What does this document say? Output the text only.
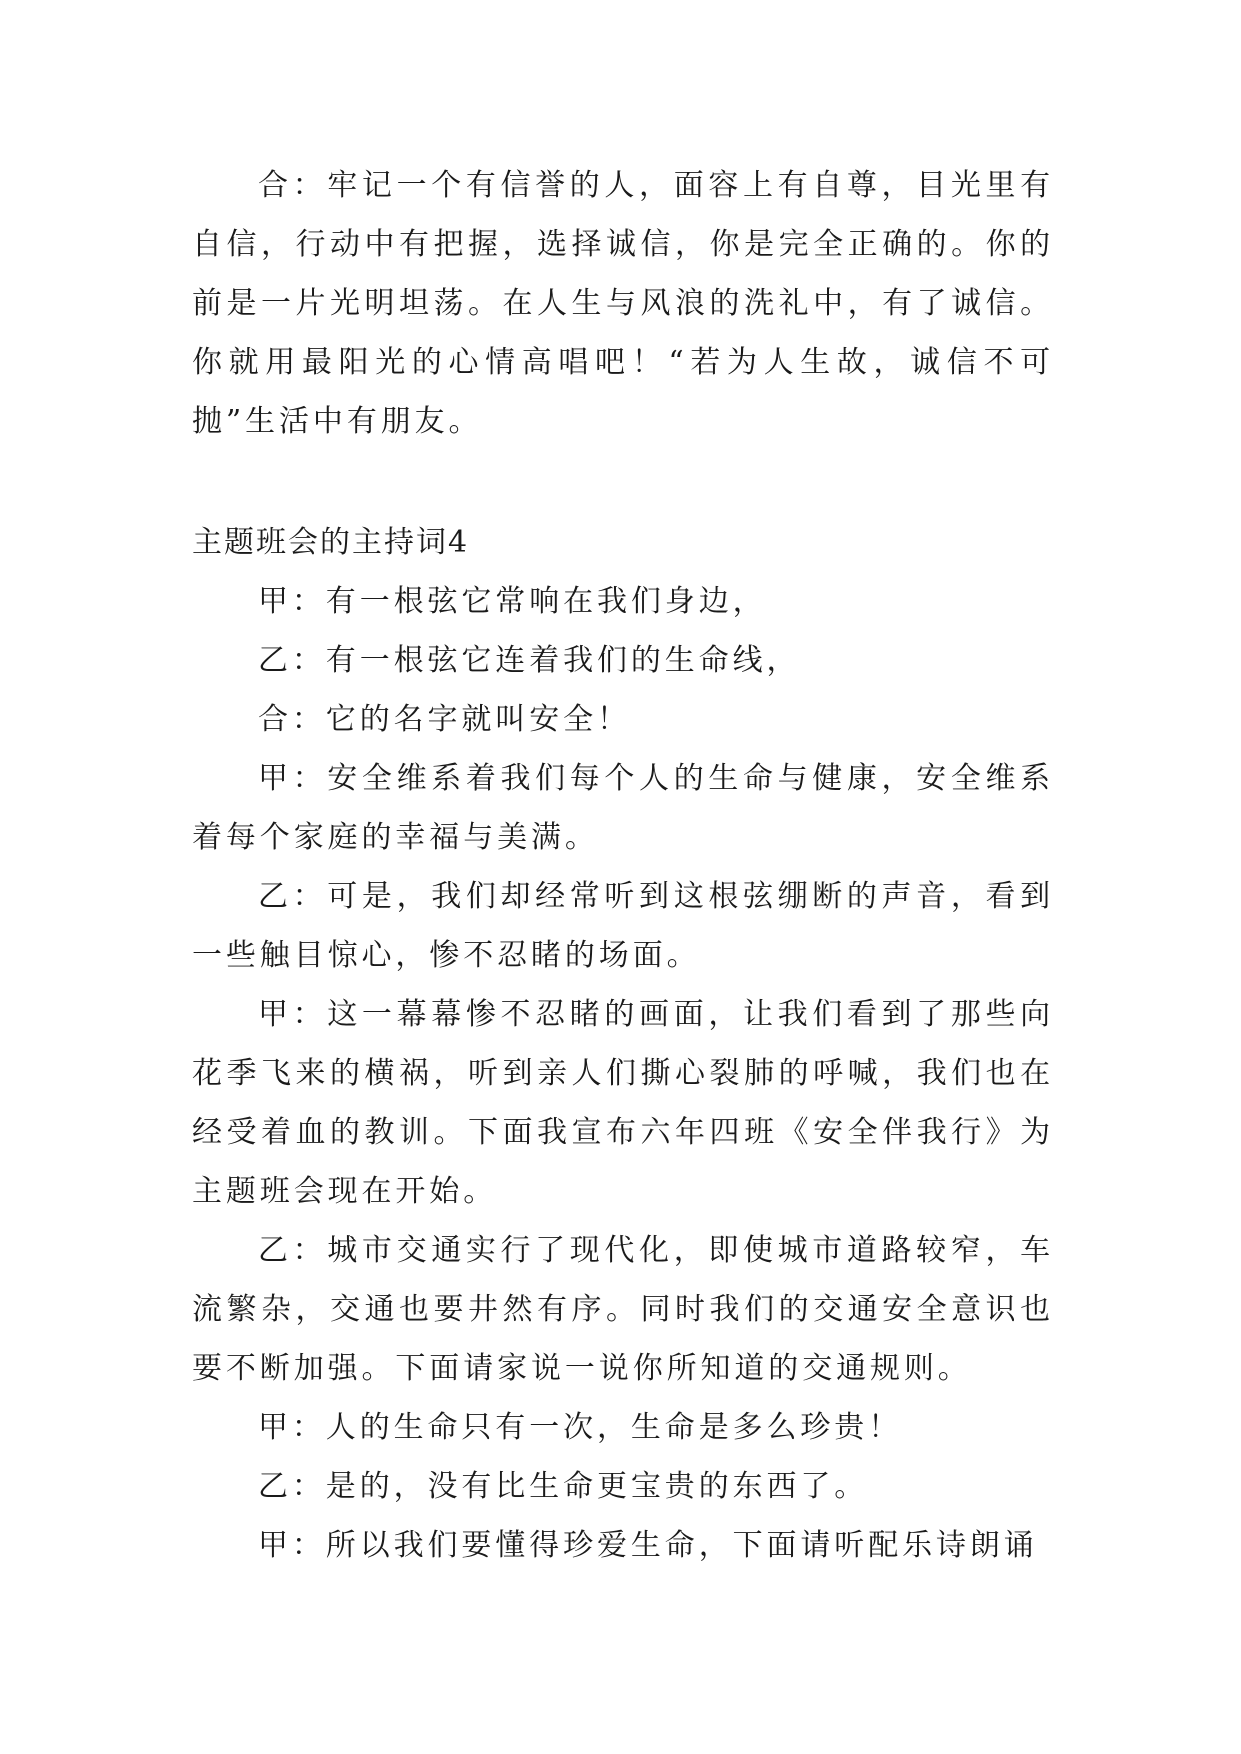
合：牢记一个有信誉的人，面容上有自尊，目光里有自信，行动中有把握，选择诚信，你是完全正确的。你的前是一片光明坦荡。在人生与风浪的洗礼中，有了诚信。你就用最阳光的心情高唱吧！“若为人生故，诚信不可抛”生活中有朋友。

主题班会的主持词4

甲：有一根弦它常响在我们身边，

乙：有一根弦它连着我们的生命线，

合：它的名字就叫安全！

甲：安全维系着我们每个人的生命与健康，安全维系着每个家庭的幸福与美满。

乙：可是，我们却经常听到这根弦绷断的声音，看到一些触目惊心，惨不忍睹的场面。

甲：这一幕幕惨不忍睹的画面，让我们看到了那些向花季飞来的横祸，听到亲人们撕心裂肺的呼喊，我们也在经受着血的教训。下面我宣布六年四班《安全伴我行》为主题班会现在开始。

乙：城市交通实行了现代化，即使城市道路较窄，车流繁杂，交通也要井然有序。同时我们的交通安全意识也要不断加强。下面请家说一说你所知道的交通规则。

甲：人的生命只有一次，生命是多么珍贵！

乙：是的，没有比生命更宝贵的东西了。

甲：所以我们要懂得珍爱生命，下面请听配乐诗朗诵
